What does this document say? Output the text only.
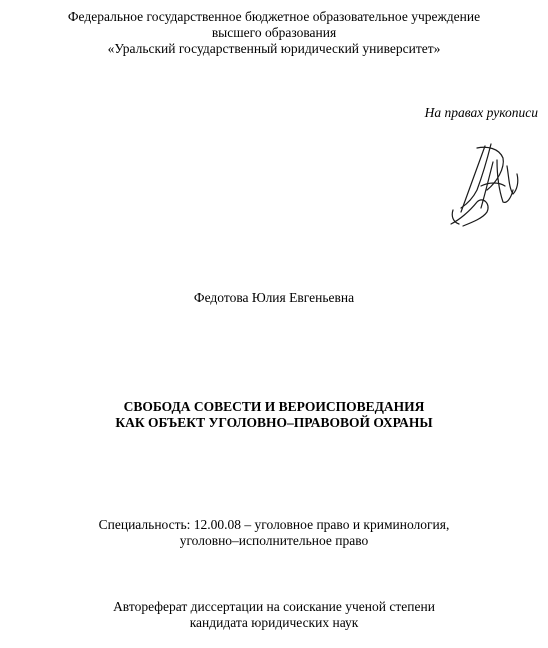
Федеральное государственное бюджетное образовательное учреждение
высшего образования
«Уральский государственный юридический университет»
На правах рукописи
Федотова Юлия Евгеньевна
СВОБОДА СОВЕСТИ И ВЕРОИСПОВЕДАНИЯ
КАК ОБЪЕКТ УГОЛОВНО–ПРАВОВОЙ ОХРАНЫ
Специальность: 12.00.08 – уголовное право и криминология,
уголовно–исполнительное право
Автореферат диссертации на соискание ученой степени
кандидата юридических наук
